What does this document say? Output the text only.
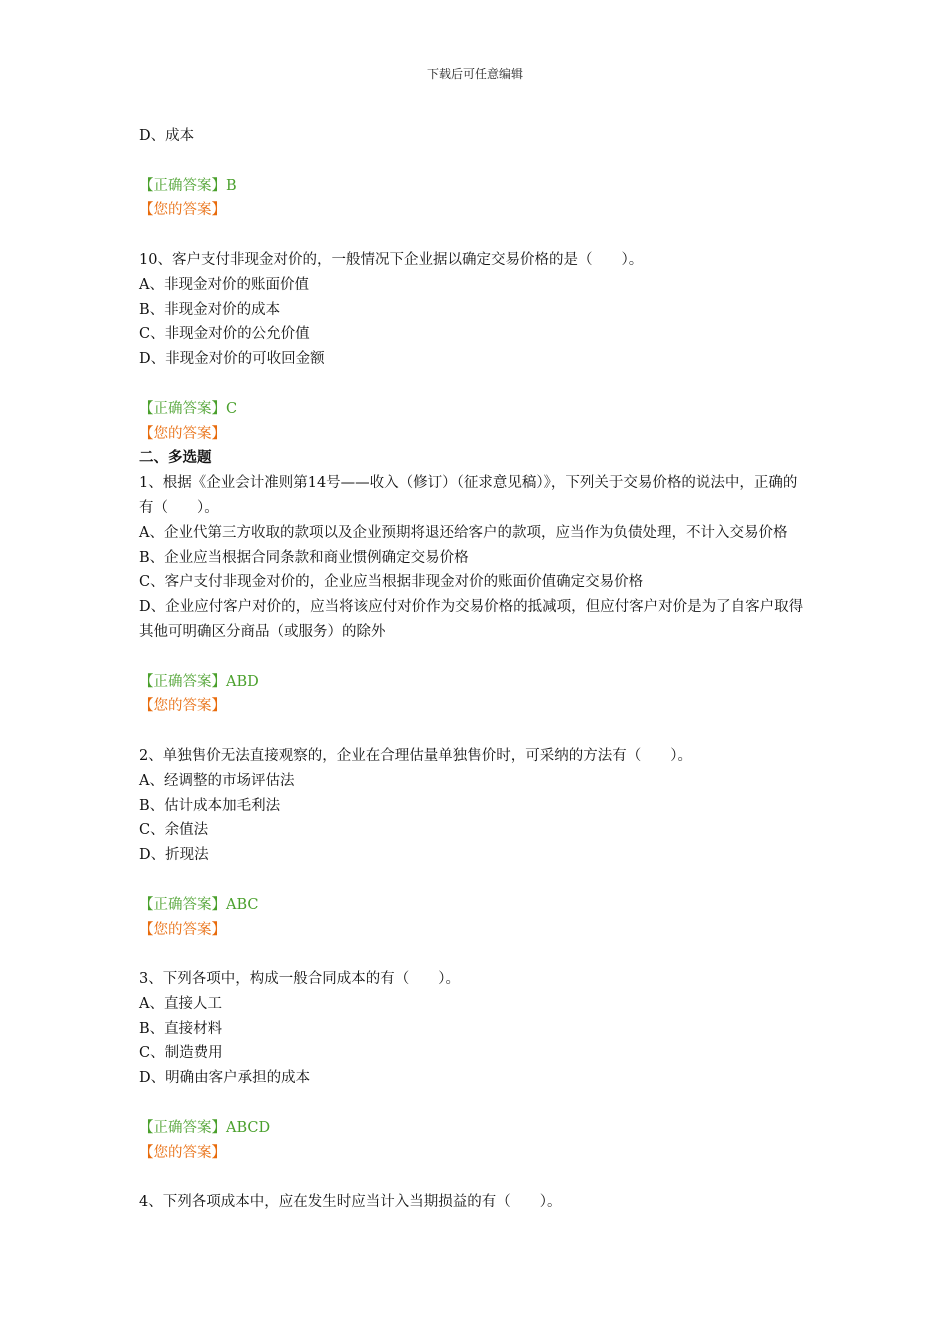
下载后可任意编辑
D、成本
【正确答案】B
【您的答案】
10、客户支付非现金对价的，一般情况下企业据以确定交易价格的是（　　）。
A、非现金对价的账面价值
B、非现金对价的成本
C、非现金对价的公允价值
D、非现金对价的可收回金额
【正确答案】C
【您的答案】
二、多选题
1、根据《企业会计准则第14号——收入（修订）（征求意见稿）》，下列关于交易价格的说法中，正确的有（　　）。
A、企业代第三方收取的款项以及企业预期将退还给客户的款项，应当作为负债处理，不计入交易价格
B、企业应当根据合同条款和商业惯例确定交易价格
C、客户支付非现金对价的，企业应当根据非现金对价的账面价值确定交易价格
D、企业应付客户对价的，应当将该应付对价作为交易价格的抵减项，但应付客户对价是为了自客户取得其他可明确区分商品（或服务）的除外
【正确答案】ABD
【您的答案】
2、单独售价无法直接观察的，企业在合理估量单独售价时，可采纳的方法有（　　）。
A、经调整的市场评估法
B、估计成本加毛利法
C、余值法
D、折现法
【正确答案】ABC
【您的答案】
3、下列各项中，构成一般合同成本的有（　　）。
A、直接人工
B、直接材料
C、制造费用
D、明确由客户承担的成本
【正确答案】ABCD
【您的答案】
4、下列各项成本中，应在发生时应当计入当期损益的有（　　）。
